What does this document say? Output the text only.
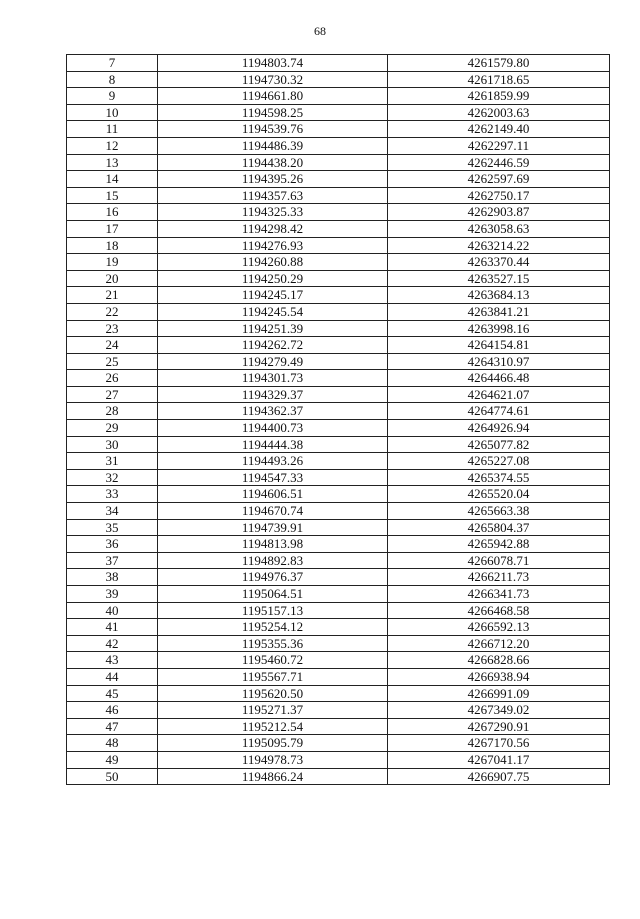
68
7	1194803.74	4261579.80
8	1194730.32	4261718.65
9	1194661.80	4261859.99
10	1194598.25	4262003.63
11	1194539.76	4262149.40
12	1194486.39	4262297.11
13	1194438.20	4262446.59
14	1194395.26	4262597.69
15	1194357.63	4262750.17
16	1194325.33	4262903.87
17	1194298.42	4263058.63
18	1194276.93	4263214.22
19	1194260.88	4263370.44
20	1194250.29	4263527.15
21	1194245.17	4263684.13
22	1194245.54	4263841.21
23	1194251.39	4263998.16
24	1194262.72	4264154.81
25	1194279.49	4264310.97
26	1194301.73	4264466.48
27	1194329.37	4264621.07
28	1194362.37	4264774.61
29	1194400.73	4264926.94
30	1194444.38	4265077.82
31	1194493.26	4265227.08
32	1194547.33	4265374.55
33	1194606.51	4265520.04
34	1194670.74	4265663.38
35	1194739.91	4265804.37
36	1194813.98	4265942.88
37	1194892.83	4266078.71
38	1194976.37	4266211.73
39	1195064.51	4266341.73
40	1195157.13	4266468.58
41	1195254.12	4266592.13
42	1195355.36	4266712.20
43	1195460.72	4266828.66
44	1195567.71	4266938.94
45	1195620.50	4266991.09
46	1195271.37	4267349.02
47	1195212.54	4267290.91
48	1195095.79	4267170.56
49	1194978.73	4267041.17
50	1194866.24	4266907.75
